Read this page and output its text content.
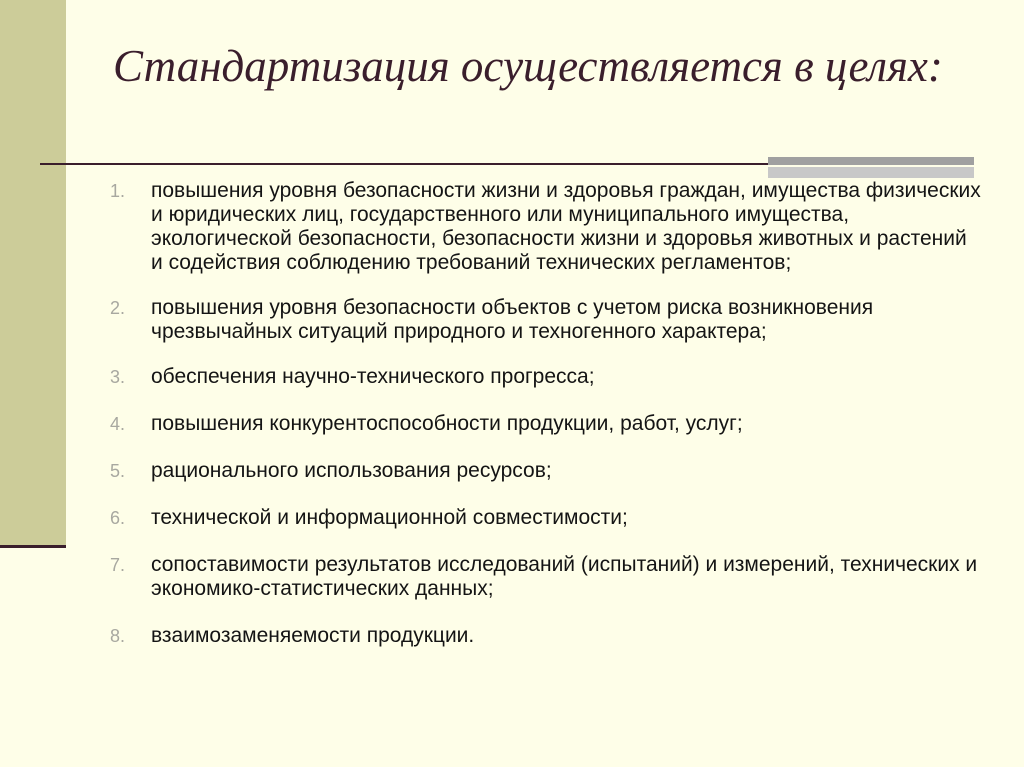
Стандартизация осуществляется в целях:
1. повышения уровня безопасности жизни и здоровья граждан, имущества физических и юридических лиц, государственного или муниципального имущества, экологической безопасности, безопасности жизни и здоровья животных и растений и содействия соблюдению требований технических регламентов;
2. повышения уровня безопасности объектов с учетом риска возникновения чрезвычайных ситуаций природного и техногенного характера;
3. обеспечения научно-технического прогресса;
4. повышения конкурентоспособности продукции, работ, услуг;
5. рационального использования ресурсов;
6. технической и информационной совместимости;
7. сопоставимости результатов исследований (испытаний) и измерений, технических и экономико-статистических данных;
8. взаимозаменяемости продукции.
